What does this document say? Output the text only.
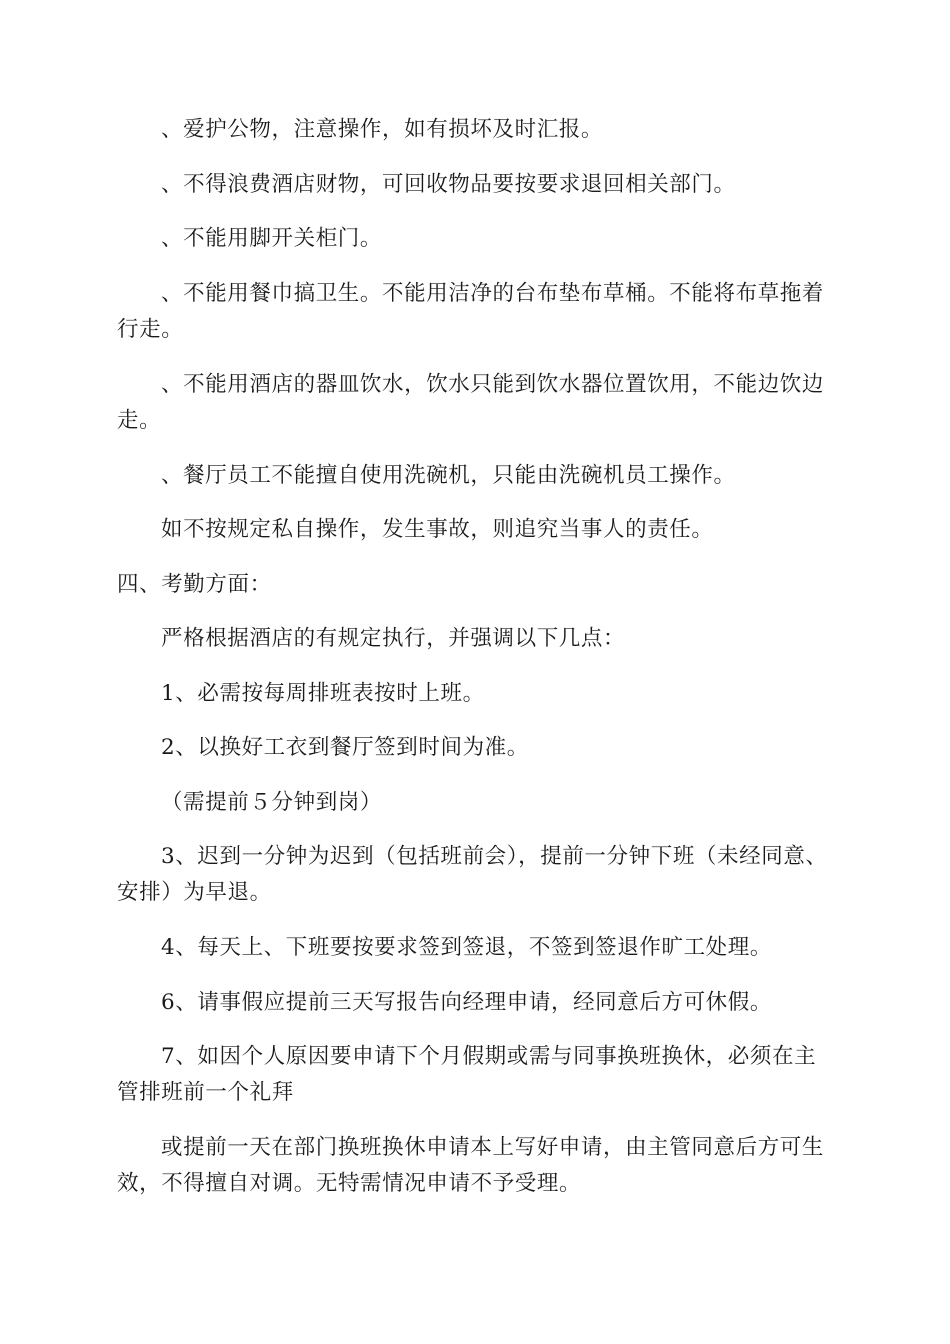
、爱护公物，注意操作，如有损坏及时汇报。

、不得浪费酒店财物，可回收物品要按要求退回相关部门。

、不能用脚开关柜门。

、不能用餐巾搞卫生。不能用洁净的台布垫布草桶。不能将布草拖着行走。

、不能用酒店的器皿饮水，饮水只能到饮水器位置饮用，不能边饮边走。

、餐厅员工不能擅自使用洗碗机，只能由洗碗机员工操作。

如不按规定私自操作，发生事故，则追究当事人的责任。

四、考勤方面：

严格根据酒店的有规定执行，并强调以下几点：

1、必需按每周排班表按时上班。

2、以换好工衣到餐厅签到时间为准。

（需提前５分钟到岗）

3、迟到一分钟为迟到（包括班前会），提前一分钟下班（未经同意、安排）为早退。

4、每天上、下班要按要求签到签退，不签到签退作旷工处理。

6、请事假应提前三天写报告向经理申请，经同意后方可休假。

7、如因个人原因要申请下个月假期或需与同事换班换休，必须在主管排班前一个礼拜

或提前一天在部门换班换休申请本上写好申请，由主管同意后方可生效，不得擅自对调。无特需情况申请不予受理。
